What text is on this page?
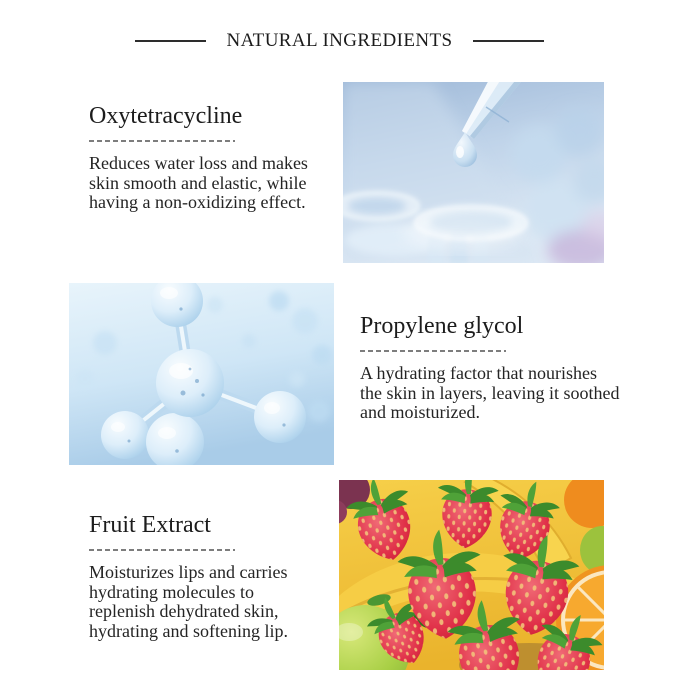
NATURAL INGREDIENTS
Oxytetracycline
Reduces water loss and makes
skin smooth and elastic, while
having a non-oxidizing effect.
Propylene glycol
A hydrating factor that nourishes
the skin in layers, leaving it soothed
and moisturized.
Fruit Extract
Moisturizes lips and carries
hydrating molecules to
replenish dehydrated skin,
hydrating and softening lip.
